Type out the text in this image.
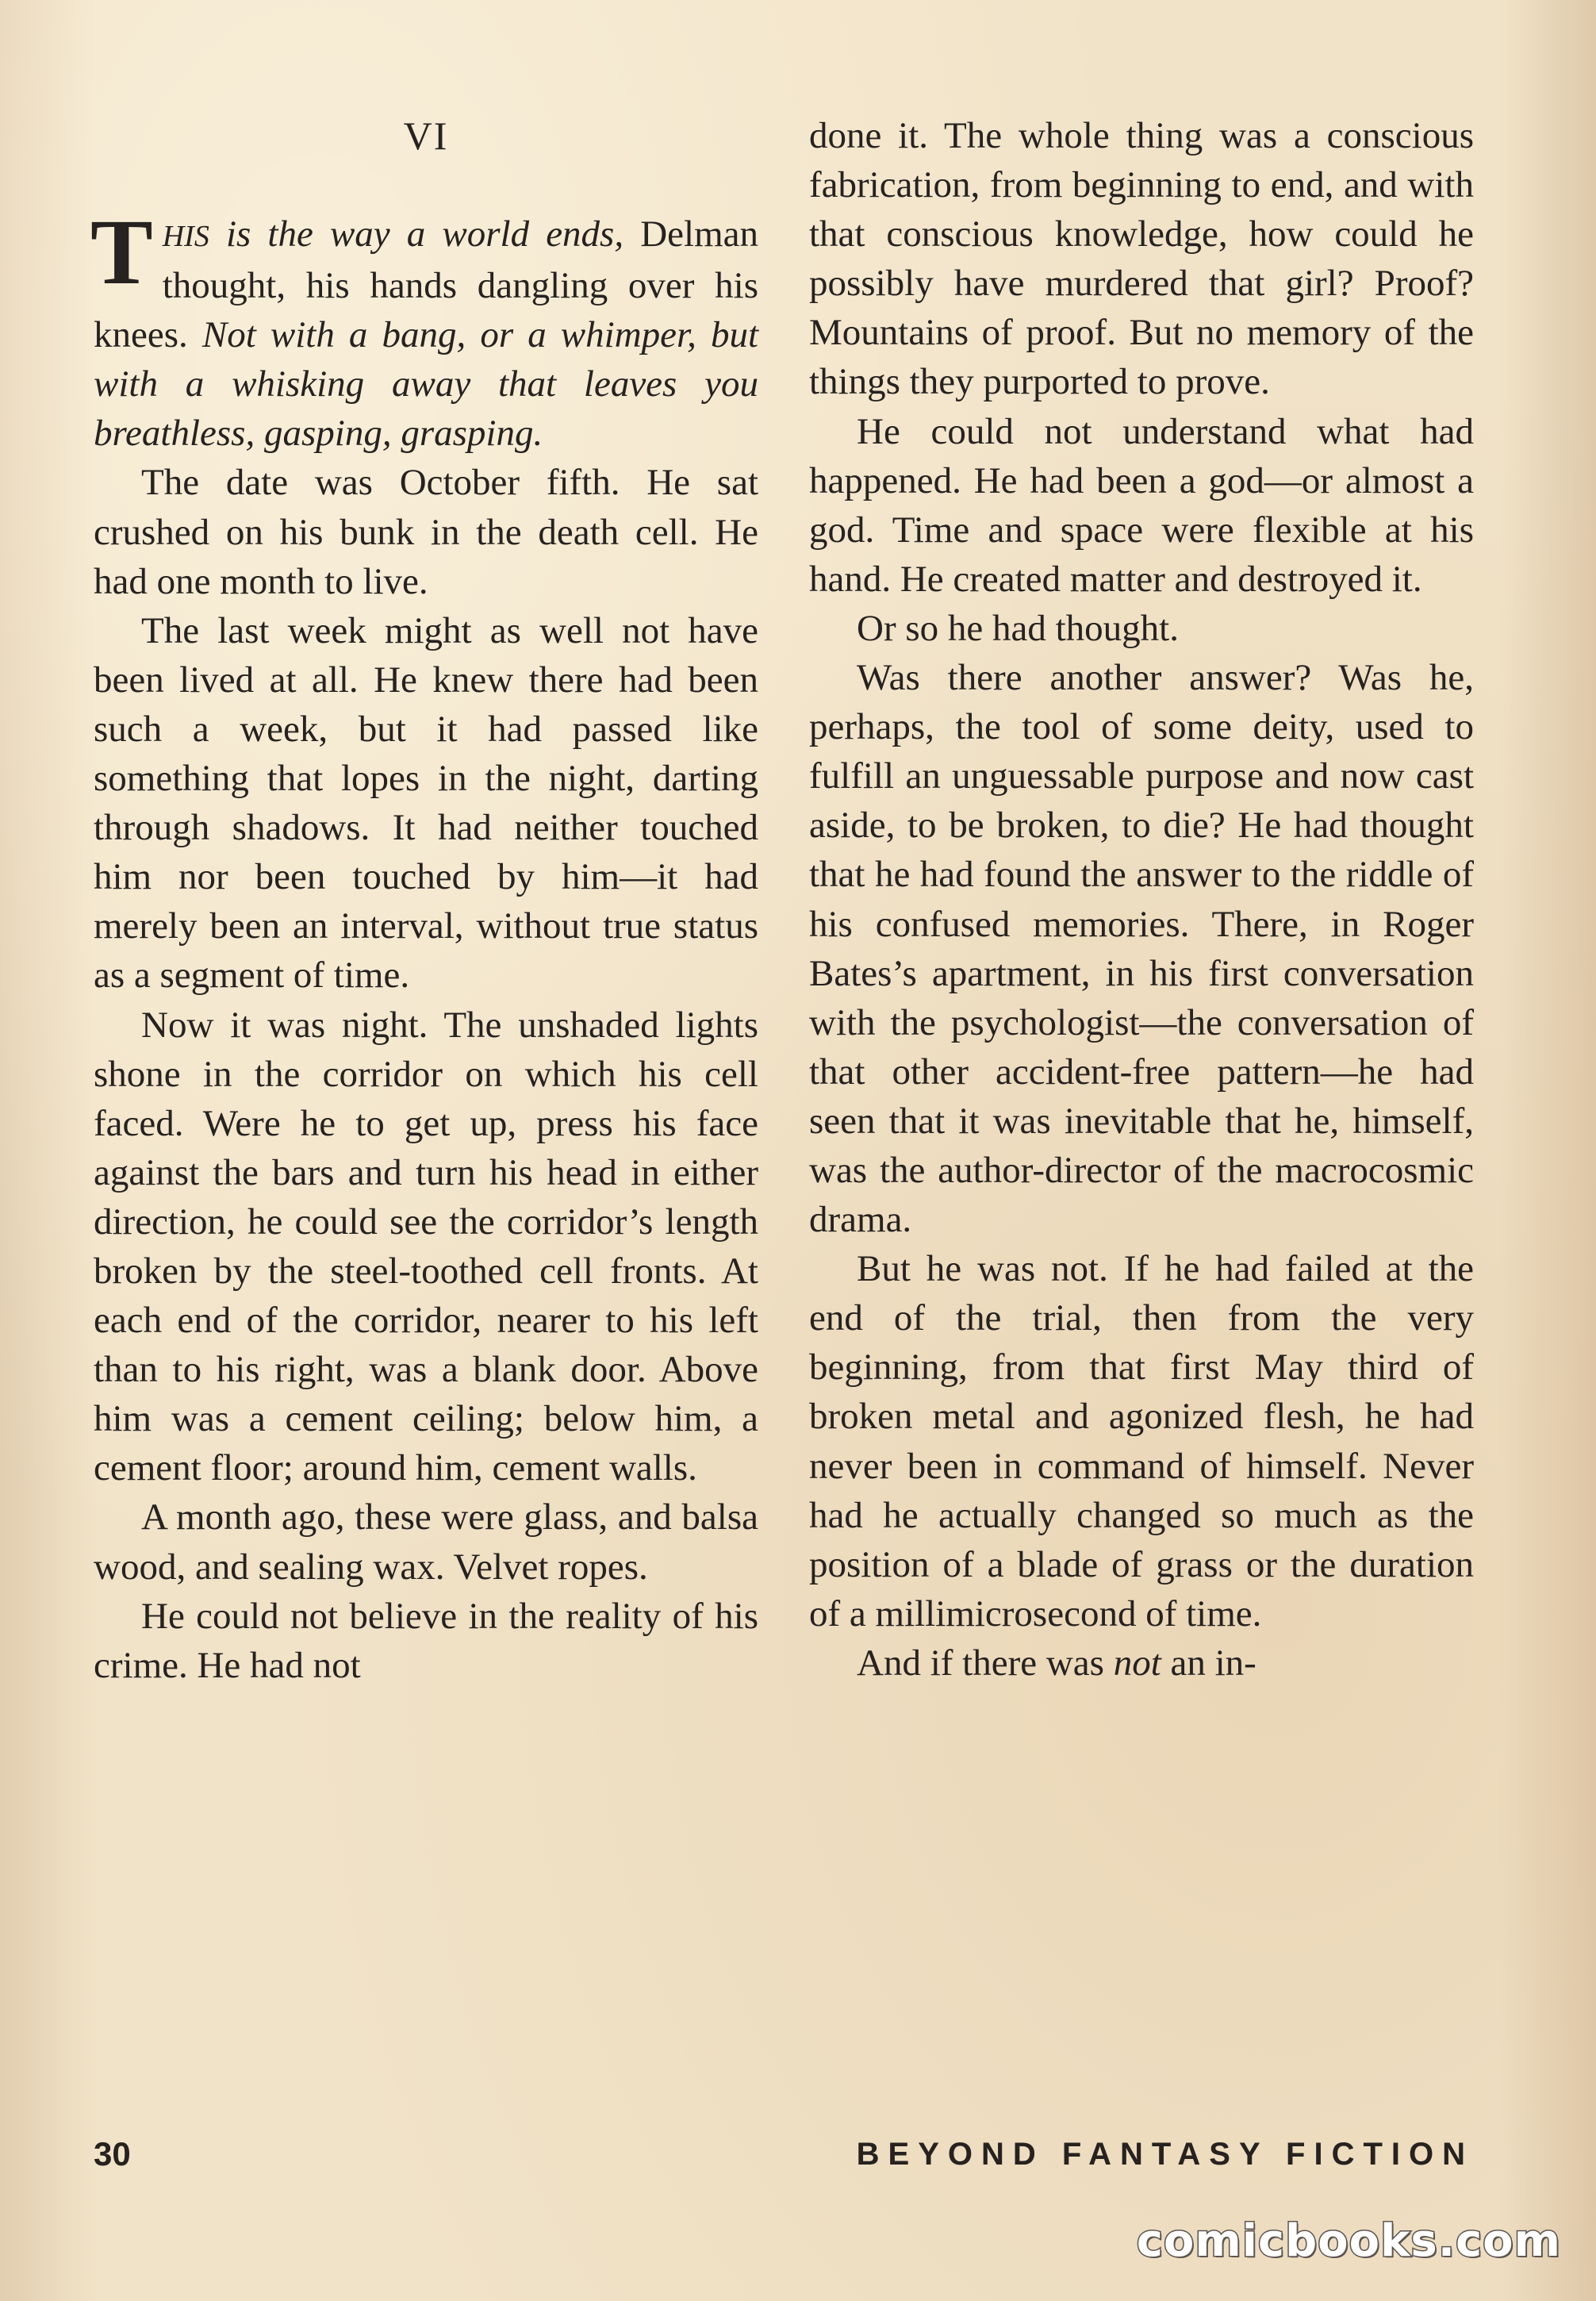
VI

THIS is the way a world ends, Delman thought, his hands dangling over his knees. Not with a bang, or a whimper, but with a whisking away that leaves you breathless, gasping, grasping.

The date was October fifth. He sat crushed on his bunk in the death cell. He had one month to live.

The last week might as well not have been lived at all. He knew there had been such a week, but it had passed like something that lopes in the night, darting through shadows. It had neither touched him nor been touched by him—it had merely been an interval, without true status as a segment of time.

Now it was night. The unshaded lights shone in the corridor on which his cell faced. Were he to get up, press his face against the bars and turn his head in either direction, he could see the corridor’s length broken by the steel-toothed cell fronts. At each end of the corridor, nearer to his left than to his right, was a blank door. Above him was a cement ceiling; below him, a cement floor; around him, cement walls.

A month ago, these were glass, and balsa wood, and sealing wax. Velvet ropes.

He could not believe in the reality of his crime. He had not

done it. The whole thing was a conscious fabrication, from beginning to end, and with that conscious knowledge, how could he possibly have murdered that girl? Proof? Mountains of proof. But no memory of the things they purported to prove.

He could not understand what had happened. He had been a god—or almost a god. Time and space were flexible at his hand. He created matter and destroyed it.

Or so he had thought.

Was there another answer? Was he, perhaps, the tool of some deity, used to fulfill an unguessable purpose and now cast aside, to be broken, to die? He had thought that he had found the answer to the riddle of his confused memories. There, in Roger Bates’s apartment, in his first conversation with the psychologist—the conversation of that other accident-free pattern—he had seen that it was inevitable that he, himself, was the author-director of the macrocosmic drama.

But he was not. If he had failed at the end of the trial, then from the very beginning, from that first May third of broken metal and agonized flesh, he had never been in command of himself. Never had he actually changed so much as the position of a blade of grass or the duration of a millimicrosecond of time.

And if there was not an in-

30	BEYOND FANTASY FICTION
comicbooks.com
